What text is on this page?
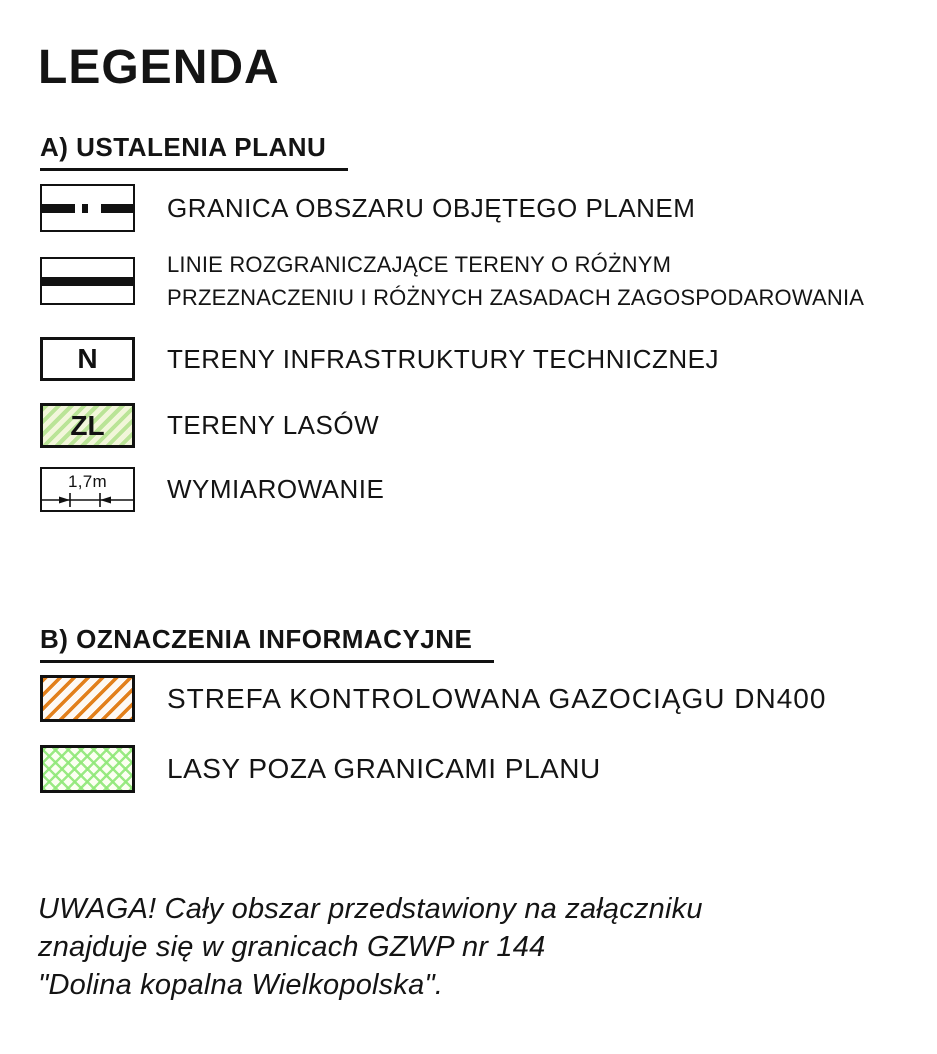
LEGENDA
A) USTALENIA PLANU
GRANICA OBSZARU OBJĘTEGO PLANEM
LINIE ROZGRANICZAJĄCE TERENY O RÓŻNYM
PRZEZNACZENIU I RÓŻNYCH ZASADACH ZAGOSPODAROWANIA
N	TERENY INFRASTRUKTURY TECHNICZNEJ
ZL TERENY LASÓW
1,7m WYMIAROWANIE
B) OZNACZENIA INFORMACYJNE
STREFA KONTROLOWANA GAZOCIĄGU DN400
LASY POZA GRANICAMI PLANU
UWAGA! Cały obszar przedstawiony na załączniku
znajduje się w granicach GZWP nr 144
"Dolina kopalna Wielkopolska".
